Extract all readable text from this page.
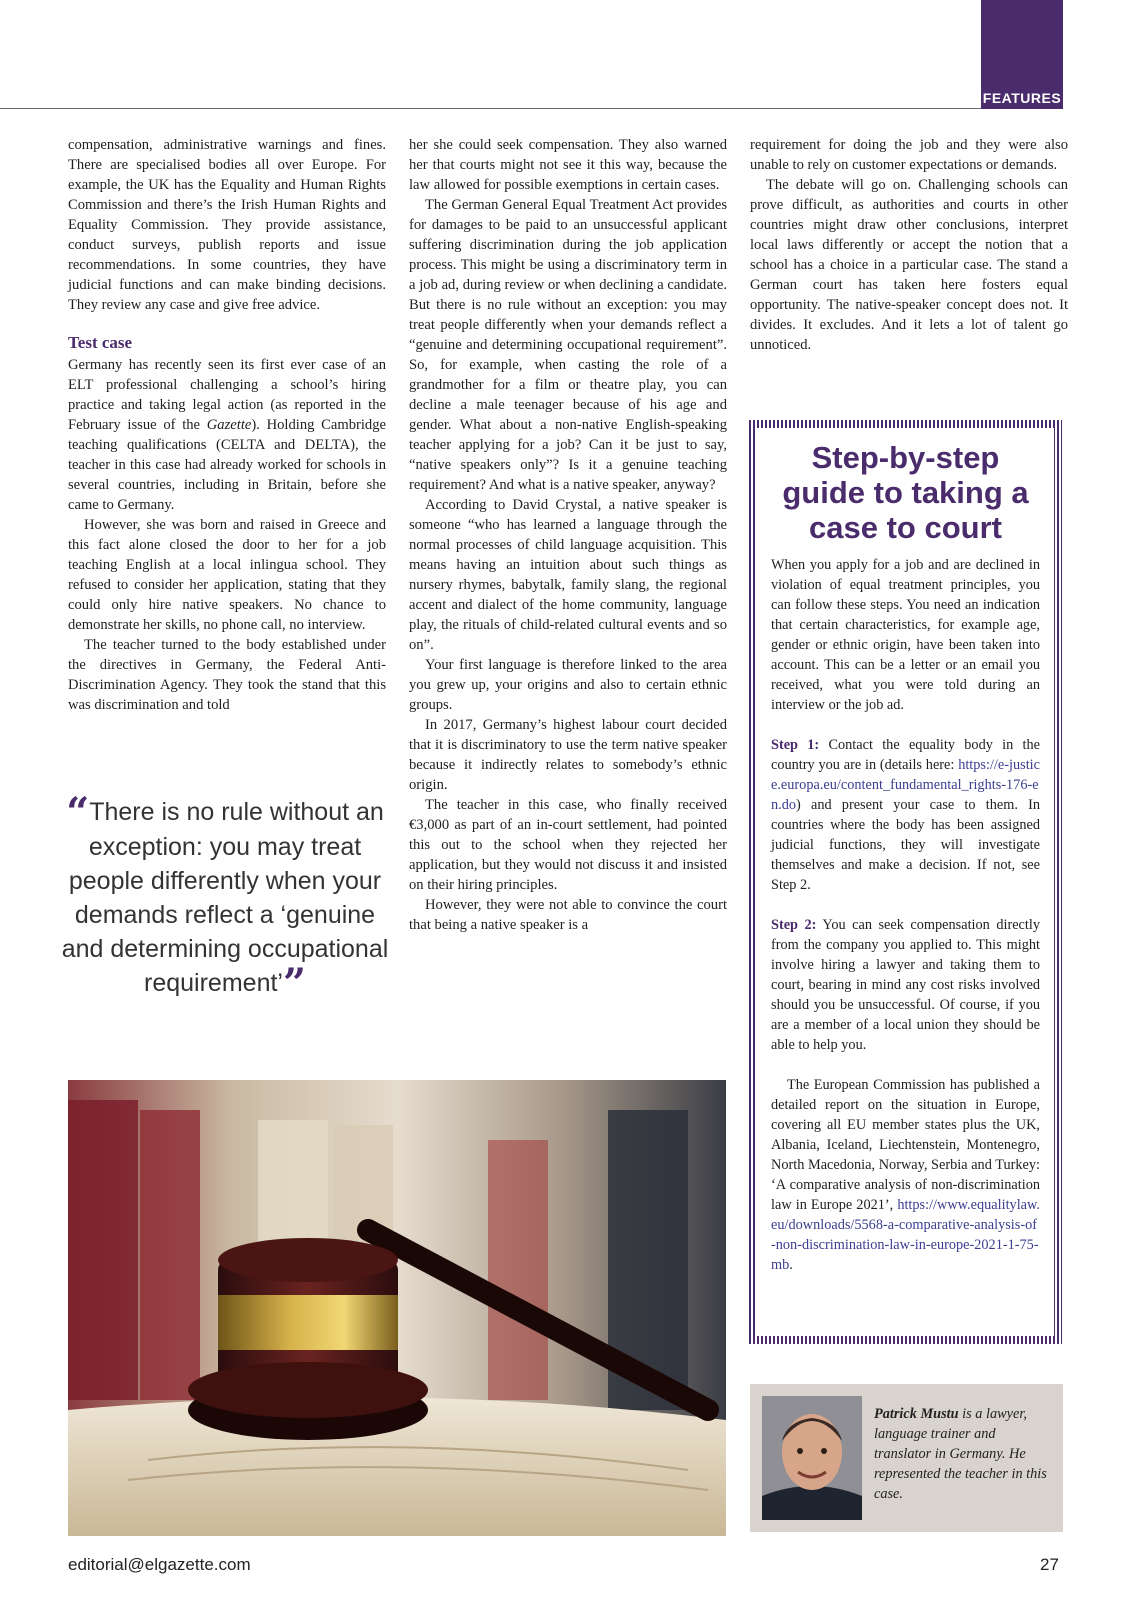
FEATURES

compensation, administrative warnings and fines. There are specialised bodies all over Europe. For example, the UK has the Equality and Human Rights Commission and there’s the Irish Human Rights and Equality Commission. They provide assistance, conduct surveys, publish reports and issue recommendations. In some countries, they have judicial functions and can make binding decisions. They review any case and give free advice.

Test case

Germany has recently seen its first ever case of an ELT professional challenging a school’s hiring practice and taking legal action (as reported in the February issue of the Gazette). Holding Cambridge teaching qualifications (CELTA and DELTA), the teacher in this case had already worked for schools in several countries, including in Britain, before she came to Germany.

However, she was born and raised in Greece and this fact alone closed the door to her for a job teaching English at a local inlingua school. They refused to consider her application, stating that they could only hire native speakers. No chance to demonstrate her skills, no phone call, no interview.

The teacher turned to the body established under the directives in Germany, the Federal Anti-Discrimination Agency. They took the stand that this was discrimination and told

“There is no rule without an exception: you may treat people differently when your demands reflect a ‘genuine and determining occupational requirement’”

her she could seek compensation. They also warned her that courts might not see it this way, because the law allowed for possible exemptions in certain cases.

The German General Equal Treatment Act provides for damages to be paid to an unsuccessful applicant suffering discrimination during the job application process. This might be using a discriminatory term in a job ad, during review or when declining a candidate. But there is no rule without an exception: you may treat people differently when your demands reflect a “genuine and determining occupational requirement”. So, for example, when casting the role of a grandmother for a film or theatre play, you can decline a male teenager because of his age and gender. What about a non-native English-speaking teacher applying for a job? Can it be just to say, “native speakers only”? Is it a genuine teaching requirement? And what is a native speaker, anyway?

According to David Crystal, a native speaker is someone “who has learned a language through the normal processes of child language acquisition. This means having an intuition about such things as nursery rhymes, babytalk, family slang, the regional accent and dialect of the home community, language play, the rituals of child-related cultural events and so on”.

Your first language is therefore linked to the area you grew up, your origins and also to certain ethnic groups.

In 2017, Germany’s highest labour court decided that it is discriminatory to use the term native speaker because it indirectly relates to somebody’s ethnic origin.

The teacher in this case, who finally received €3,000 as part of an in-court settlement, had pointed this out to the school when they rejected her application, but they would not discuss it and insisted on their hiring principles.

However, they were not able to convince the court that being a native speaker is a

requirement for doing the job and they were also unable to rely on customer expectations or demands.

The debate will go on. Challenging schools can prove difficult, as authorities and courts in other countries might draw other conclusions, interpret local laws differently or accept the notion that a school has a choice in a particular case. The stand a German court has taken here fosters equal opportunity. The native-speaker concept does not. It divides. It excludes. And it lets a lot of talent go unnoticed.

Step-by-step guide to taking a case to court

When you apply for a job and are declined in violation of equal treatment principles, you can follow these steps. You need an indication that certain characteristics, for example age, gender or ethnic origin, have been taken into account. This can be a letter or an email you received, what you were told during an interview or the job ad.

Step 1: Contact the equality body in the country you are in (details here: https://e-justice.europa.eu/content_fundamental_rights-176-en.do) and present your case to them. In countries where the body has been assigned judicial functions, they will investigate themselves and make a decision. If not, see Step 2.

Step 2: You can seek compensation directly from the company you applied to. This might involve hiring a lawyer and taking them to court, bearing in mind any cost risks involved should you be unsuccessful. Of course, if you are a member of a local union they should be able to help you.

The European Commission has published a detailed report on the situation in Europe, covering all EU member states plus the UK, Albania, Iceland, Liechtenstein, Montenegro, North Macedonia, Norway, Serbia and Turkey: ‘A comparative analysis of non-discrimination law in Europe 2021’, https://www.equalitylaw.eu/downloads/5568-a-comparative-analysis-of-non-discrimination-law-in-europe-2021-1-75-mb.

Patrick Mustu is a lawyer, language trainer and translator in Germany. He represented the teacher in this case.
editorial@elgazette.com	27
